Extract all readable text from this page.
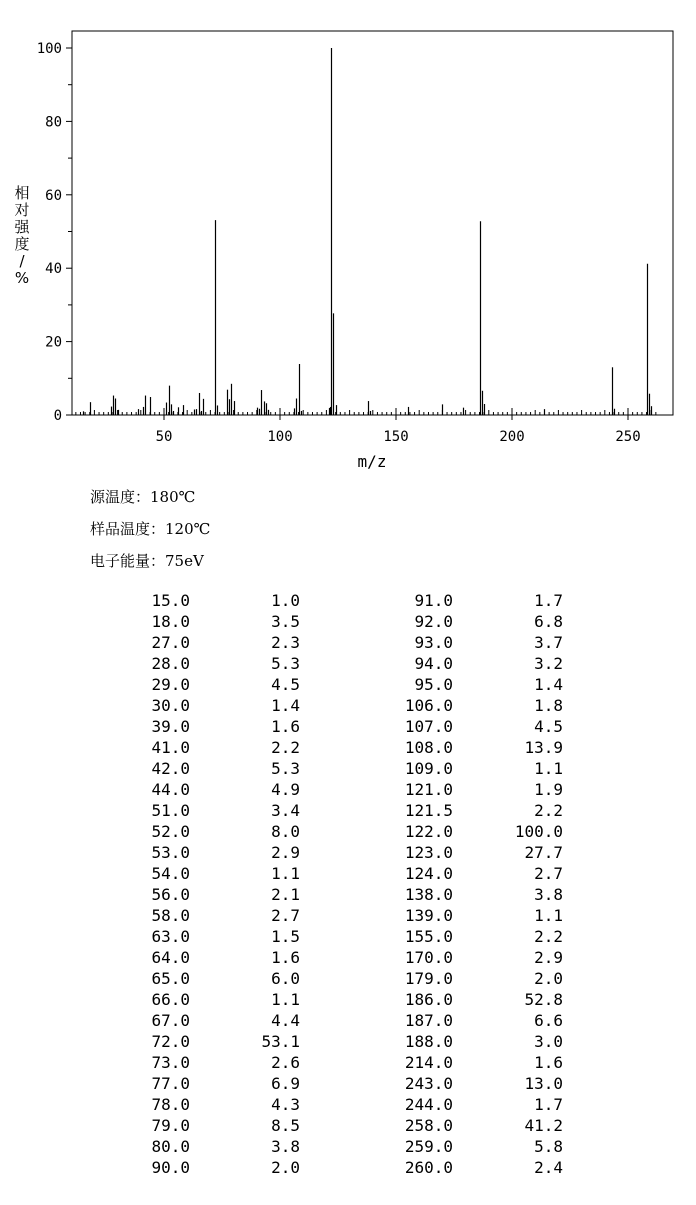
0
20
40
60
80
100
50	100	150	200	250
m/z
相对强度/ %
源温度：180℃
样品温度：120℃
电子能量：75eV
15.0	1.0	91.0	1.7
18.0	3.5	92.0	6.8
27.0	2.3	93.0	3.7
28.0	5.3	94.0	3.2
29.0	4.5	95.0	1.4
30.0	1.4	106.0	1.8
39.0	1.6	107.0	4.5
41.0	2.2	108.0	13.9
42.0	5.3	109.0	1.1
44.0	4.9	121.0	1.9
51.0	3.4	121.5	2.2
52.0	8.0	122.0	100.0
53.0	2.9	123.0	27.7
54.0	1.1	124.0	2.7
56.0	2.1	138.0	3.8
58.0	2.7	139.0	1.1
63.0	1.5	155.0	2.2
64.0	1.6	170.0	2.9
65.0	6.0	179.0	2.0
66.0	1.1	186.0	52.8
67.0	4.4	187.0	6.6
72.0	53.1	188.0	3.0
73.0	2.6	214.0	1.6
77.0	6.9	243.0	13.0
78.0	4.3	244.0	1.7
79.0	8.5	258.0	41.2
80.0	3.8	259.0	5.8
90.0	2.0	260.0	2.4
